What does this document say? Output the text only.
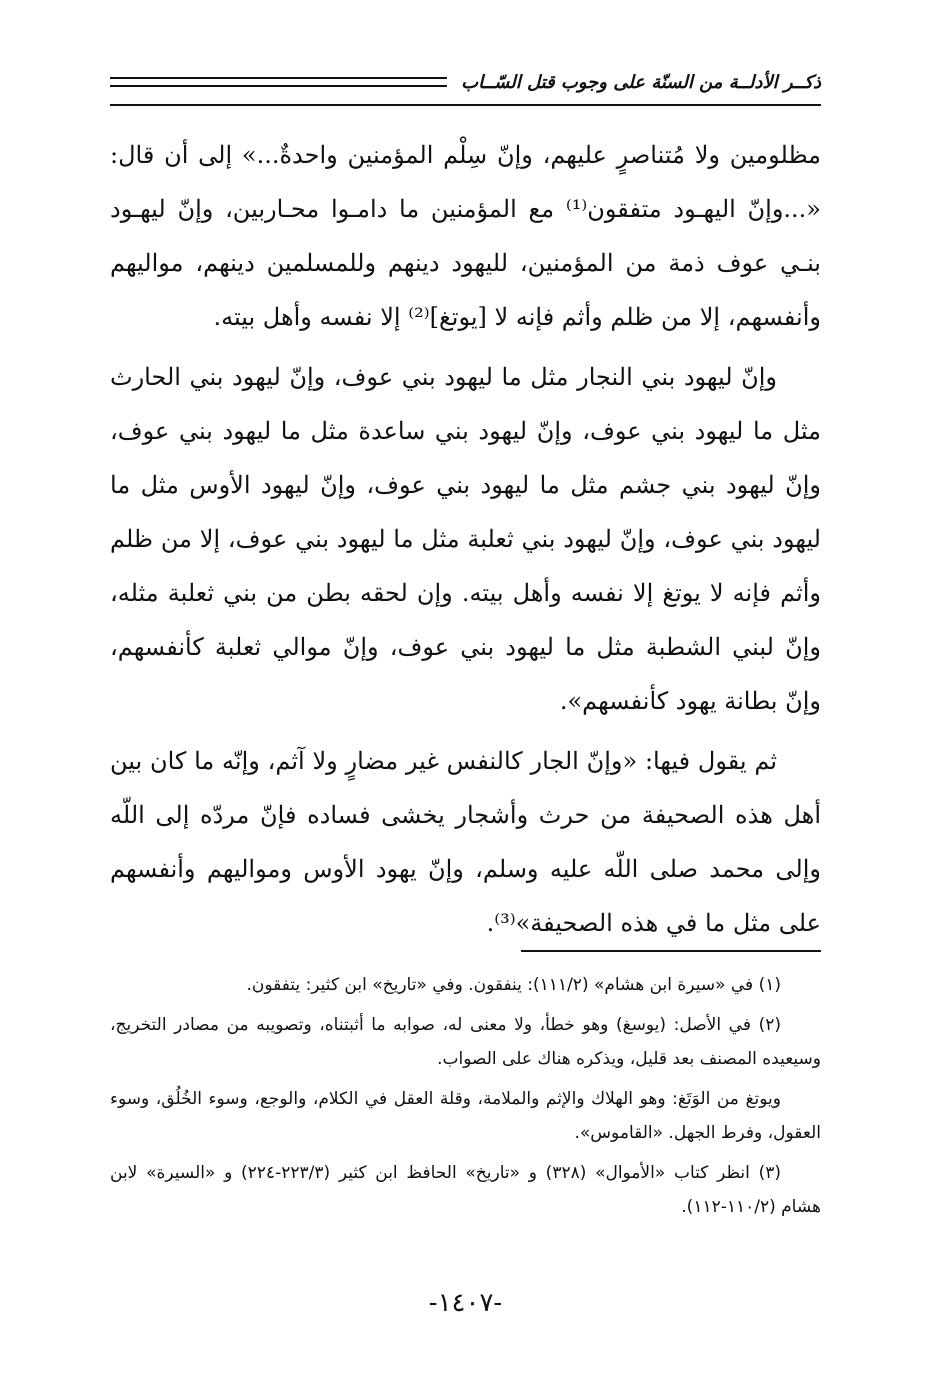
ذكــر الأدلــة من السنّة على وجوب قتل السّــاب

مظلومين ولا مُتناصرٍ عليهم، وإنّ سِلْم المؤمنين واحدةٌ...» إلى أن قال: «...وإنّ اليهـود متفقون⁽¹⁾ مع المؤمنين ما دامـوا محـاربين، وإنّ ليهـود بنـي عوف ذمة من المؤمنين، لليهود دينهم وللمسلمين دينهم، مواليهم وأنفسهم، إلا من ظلم وأثم فإنه لا [يوتغ]⁽²⁾ إلا نفسه وأهل بيته.

وإنّ ليهود بني النجار مثل ما ليهود بني عوف، وإنّ ليهود بني الحارث مثل ما ليهود بني عوف، وإنّ ليهود بني ساعدة مثل ما ليهود بني عوف، وإنّ ليهود بني جشم مثل ما ليهود بني عوف، وإنّ ليهود الأوس مثل ما ليهود بني عوف، وإنّ ليهود بني ثعلبة مثل ما ليهود بني عوف، إلا من ظلم وأثم فإنه لا يوتغ إلا نفسه وأهل بيته. وإن لحقه بطن من بني ثعلبة مثله، وإنّ لبني الشطبة مثل ما ليهود بني عوف، وإنّ موالي ثعلبة كأنفسهم، وإنّ بطانة يهود كأنفسهم».

ثم يقول فيها: «وإنّ الجار كالنفس غير مضارٍ ولا آثم، وإنّه ما كان بين أهل هذه الصحيفة من حرث وأشجار يخشى فساده فإنّ مردّه إلى اللّه وإلى محمد صلى اللّه عليه وسلم، وإنّ يهود الأوس ومواليهم وأنفسهم على مثل ما في هذه الصحيفة»⁽³⁾.

(١) في «سيرة ابن هشام» (١١١/٢): ينفقون. وفي «تاريخ» ابن كثير: يتفقون.

(٢) في الأصل: (يوسغ) وهو خطأ، ولا معنى له، صوابه ما أثبتناه، وتصويبه من مصادر التخريج، وسيعيده المصنف بعد قليل، ويذكره هناك على الصواب.

ويوتغ من الوَتَغ: وهو الهلاك والإثم والملامة، وقلة العقل في الكلام، والوجع، وسوء الخُلُق، وسوء العقول، وفرط الجهل. «القاموس».

(٣) انظر كتاب «الأموال» (٣٢٨) و «تاريخ» الحافظ ابن كثير (٢٢٣/٣-٢٢٤) و «السيرة» لابن هشام (١١٠/٢-١١٢).

-١٤٠٧-
